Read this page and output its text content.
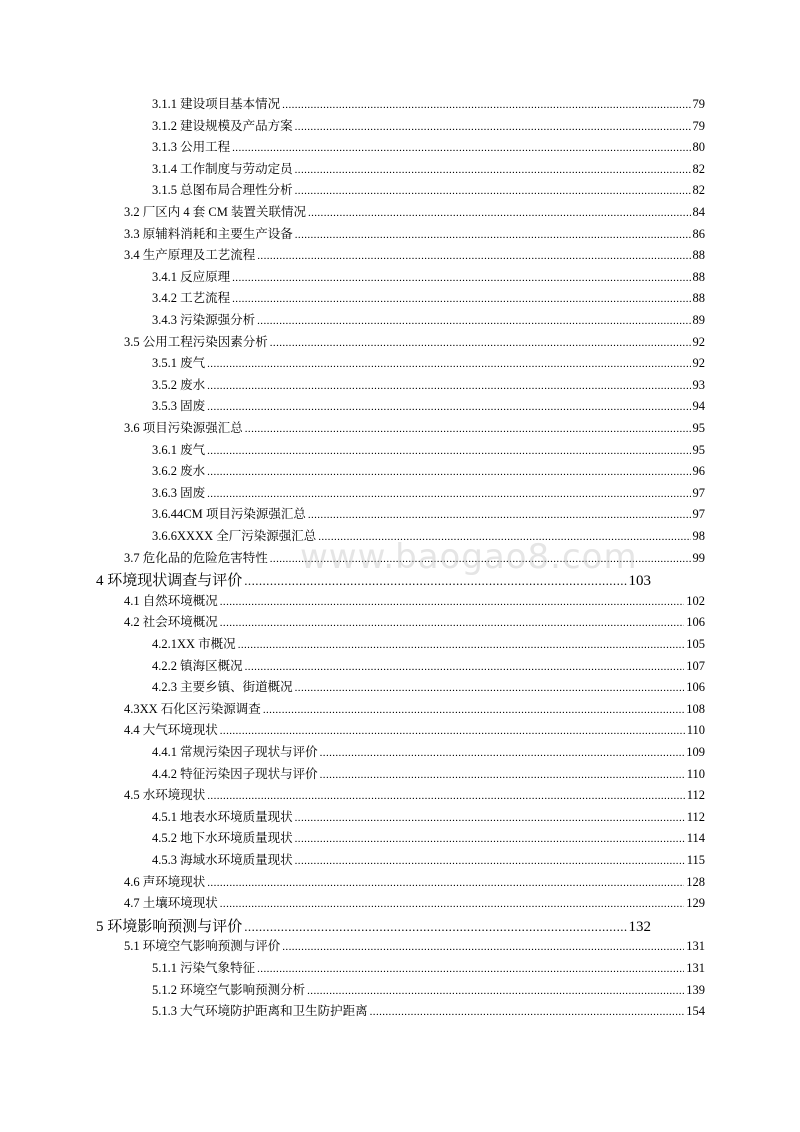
3.1.1 建设项目基本情况 .....	79
3.1.2 建设规模及产品方案 .....	79
3.1.3 公用工程 .....	80
3.1.4 工作制度与劳动定员 .....	82
3.1.5 总图布局合理性分析 .....	82
3.2 厂区内 4 套 CM 装置关联情况 .....	84
3.3 原辅料消耗和主要生产设备 .....	86
3.4 生产原理及工艺流程 .....	88
3.4.1 反应原理 .....	88
3.4.2 工艺流程 .....	88
3.4.3 污染源强分析 .....	89
3.5 公用工程污染因素分析 .....	92
3.5.1 废气 .....	92
3.5.2 废水 .....	93
3.5.3 固废 .....	94
3.6 项目污染源强汇总 .....	95
3.6.1 废气 .....	95
3.6.2 废水 .....	96
3.6.3 固废 .....	97
3.6.44CM 项目污染源强汇总 .....	97
3.6.6XXXX 全厂污染源强汇总 .....	98
3.7 危化品的危险危害特性 .....	99
4 环境现状调查与评价 .....	103
4.1 自然环境概况 .....	102
4.2 社会环境概况 .....	106
4.2.1XX 市概况 .....	105
4.2.2 镇海区概况 .....	107
4.2.3 主要乡镇、街道概况 .....	106
4.3XX 石化区污染源调查 .....	108
4.4 大气环境现状 .....	110
4.4.1 常规污染因子现状与评价 .....	109
4.4.2 特征污染因子现状与评价 .....	110
4.5 水环境现状 .....	112
4.5.1 地表水环境质量现状 .....	112
4.5.2 地下水环境质量现状 .....	114
4.5.3 海域水环境质量现状 .....	115
4.6 声环境现状 .....	128
4.7 土壤环境现状 .....	129
5 环境影响预测与评价 .....	132
5.1 环境空气影响预测与评价 .....	131
5.1.1 污染气象特征 .....	131
5.1.2 环境空气影响预测分析 .....	139
5.1.3 大气环境防护距离和卫生防护距离 .....	154
www.baogao8.com
